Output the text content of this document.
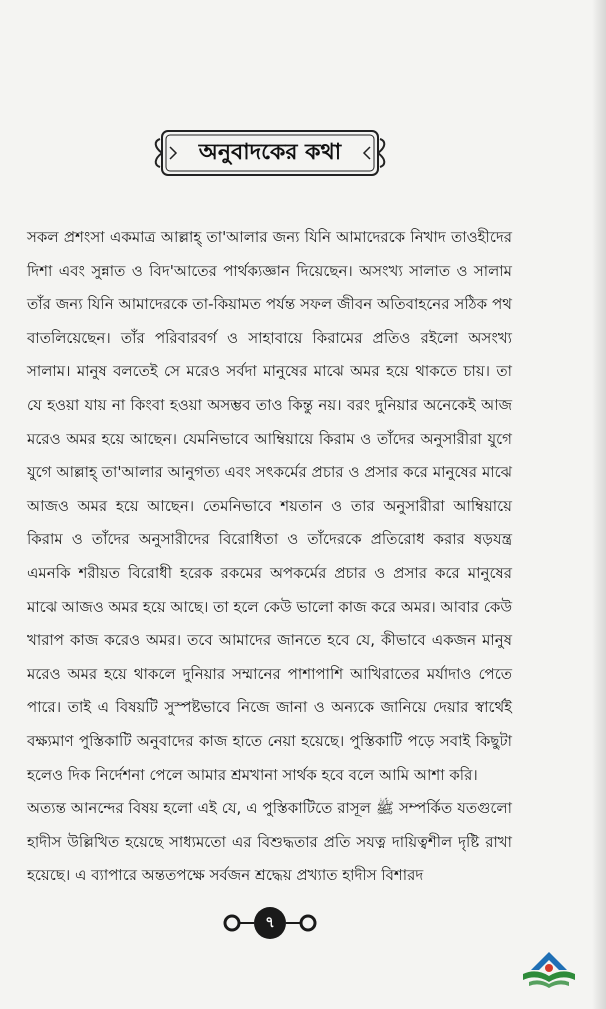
অনুবাদকের কথা

সকল প্রশংসা একমাত্র আল্লাহ্ তা'আলার জন্য যিনি আমাদেরকে নিখাদ তাওহীদের দিশা এবং সুন্নাত ও বিদ'আতের পার্থক্যজ্ঞান দিয়েছেন। অসংখ্য সালাত ও সালাম তাঁর জন্য যিনি আমাদেরকে তা-কিয়ামত পর্যন্ত সফল জীবন অতিবাহনের সঠিক পথ বাতলিয়েছেন। তাঁর পরিবারবর্গ ও সাহাবায়ে কিরামের প্রতিও রইলো অসংখ্য সালাম। মানুষ বলতেই সে মরেও সর্বদা মানুষের মাঝে অমর হয়ে থাকতে চায়। তা যে হওয়া যায় না কিংবা হওয়া অসম্ভব তাও কিন্তু নয়। বরং দুনিয়ার অনেকেই আজ মরেও অমর হয়ে আছেন। যেমনিভাবে আম্বিয়ায়ে কিরাম ও তাঁদের অনুসারীরা যুগে যুগে আল্লাহ্ তা'আলার আনুগত্য এবং সৎকর্মের প্রচার ও প্রসার করে মানুষের মাঝে আজও অমর হয়ে আছেন। তেমনিভাবে শয়তান ও তার অনুসারীরা আম্বিয়ায়ে কিরাম ও তাঁদের অনুসারীদের বিরোধিতা ও তাঁদেরকে প্রতিরোধ করার ষড়যন্ত্র এমনকি শরীয়ত বিরোধী হরেক রকমের অপকর্মের প্রচার ও প্রসার করে মানুষের মাঝে আজও অমর হয়ে আছে। তা হলে কেউ ভালো কাজ করে অমর। আবার কেউ খারাপ কাজ করেও অমর। তবে আমাদের জানতে হবে যে, কীভাবে একজন মানুষ মরেও অমর হয়ে থাকলে দুনিয়ার সম্মানের পাশাপাশি আখিরাতের মর্যাদাও পেতে পারে। তাই এ বিষয়টি সুস্পষ্টভাবে নিজে জানা ও অন্যকে জানিয়ে দেয়ার স্বার্থেই বক্ষ্যমাণ পুস্তিকাটি অনুবাদের কাজ হাতে নেয়া হয়েছে। পুস্তিকাটি পড়ে সবাই কিছুটা হলেও দিক নির্দেশনা পেলে আমার শ্রমখানা সার্থক হবে বলে আমি আশা করি।

অত্যন্ত আনন্দের বিষয় হলো এই যে, এ পুস্তিকাটিতে রাসূল ﷺ সম্পর্কিত যতগুলো হাদীস উল্লিখিত হয়েছে সাধ্যমতো এর বিশুদ্ধতার প্রতি সযত্ন দায়িত্বশীল দৃষ্টি রাখা হয়েছে। এ ব্যাপারে অন্ততপক্ষে সর্বজন শ্রদ্ধেয় প্রখ্যাত হাদীস বিশারদ

৭
